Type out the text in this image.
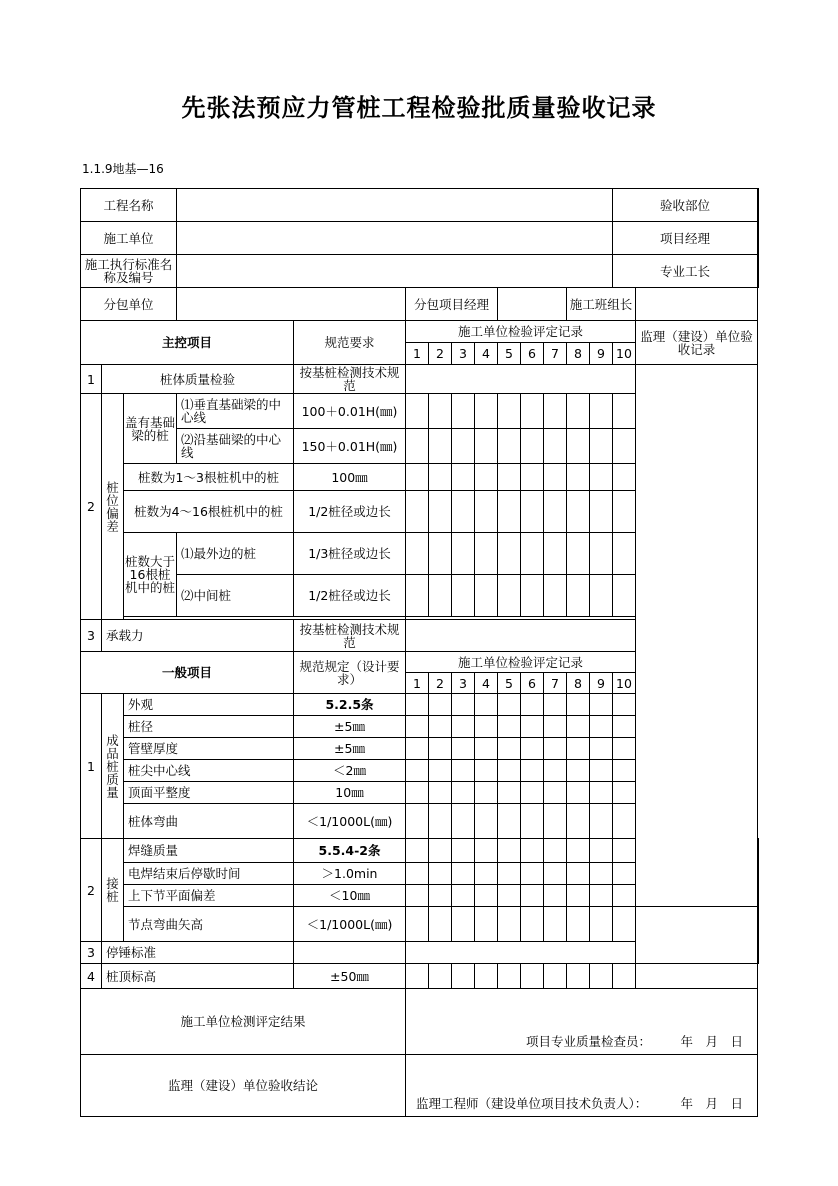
先张法预应力管桩工程检验批质量验收记录
1.1.9地基—16
工程名称														验收部位		
施工单位														项目经理		
施工执行标准名称及编号														专业工长		
分包单位					分包项目经理							施工班组长				
主控项目				规范要求	施工单位检验评定记录										监理（建设）单位验收记录	
					1	2	3	4	5	6	7	8	9	10		
1	桩体质量检验			按基桩检测技术规范												
2	桩位偏差	盖有基础梁的桩	⑴垂直基础梁的中心线	100＋0.01H(㎜)												
			⑵沿基础梁的中心线	150＋0.01H(㎜)												
		桩数为1～3根桩机中的桩		100㎜												
		桩数为4～16根桩机中的桩		1/2桩径或边长												
		桩数大于16根桩机中的桩	⑴最外边的桩	1/3桩径或边长												
			⑵中间桩	1/2桩径或边长												

3	承载力			按基桩检测技术规范												
一般项目				规范规定（设计要求）	施工单位检验评定记录											
					1	2	3	4	5	6	7	8	9	10		
1	成品桩质量	外观		5.2.5条												
		桩径		±5㎜												
		管壁厚度		±5㎜												
		桩尖中心线		＜2㎜												
		顶面平整度		10㎜												
		桩体弯曲		＜1/1000L(㎜)												
2	接桩	焊缝质量		5.5.4-2条												
		电焊结束后停歇时间		＞1.0min												
		上下节平面偏差		＜10㎜												
		节点弯曲矢高		＜1/1000L(㎜)												
3	停锤标准															
4	桩顶标高			±50㎜												
施工单位检测评定结果					项目专业质量检查员： 年　月　日											

监理（建设）单位验收结论					监理工程师（建设单位项目技术负责人）： 年　月　日											
